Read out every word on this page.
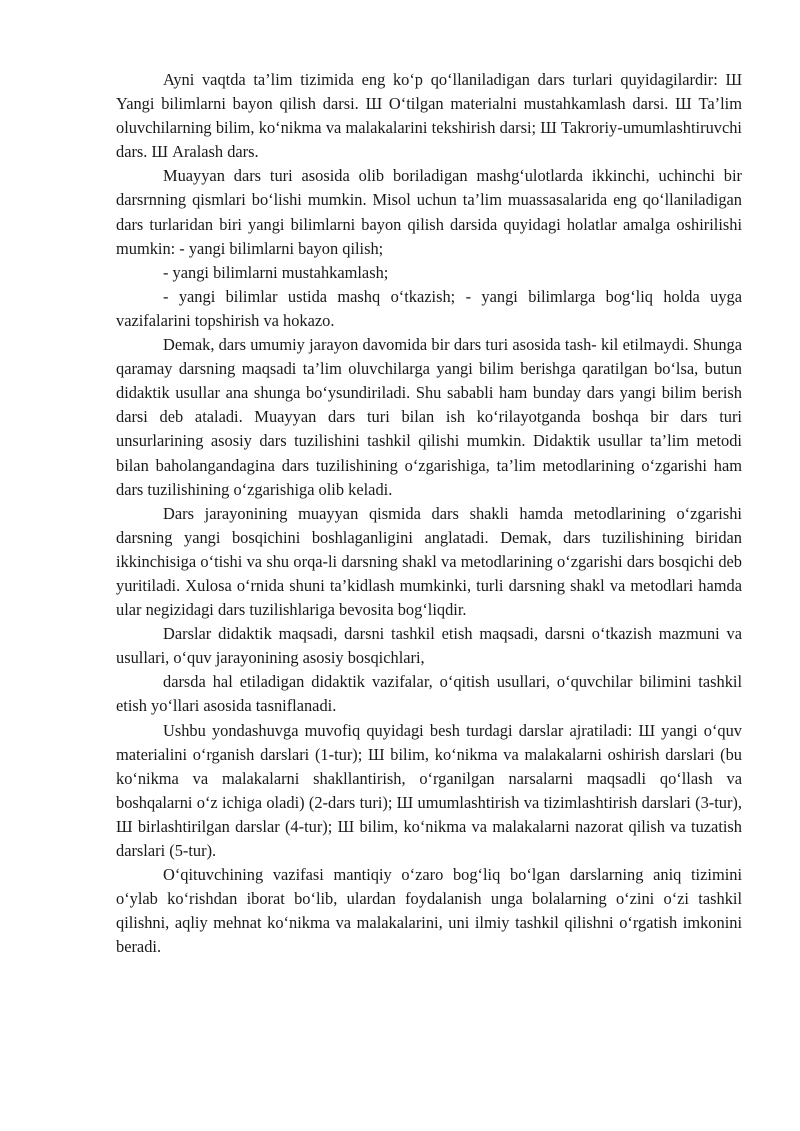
Ayni vaqtda ta’lim tizimida eng ko‘p qo‘llaniladigan dars turlari quyidagilardir: Ш Yangi bilimlarni bayon qilish darsi. Ш O‘tilgan materialni mustahkamlash darsi. Ш Ta’lim oluvchilarning bilim, ko‘nikma va malakalarini tekshirish darsi; Ш Takroriy-umumlashtiruvchi dars. Ш Aralash dars.

Muayyan dars turi asosida olib boriladigan mashg‘ulotlarda ikkinchi, uchinchi bir darsrnning qismlari bo‘lishi mumkin. Misol uchun ta’lim muassasalarida eng qo‘llaniladigan dars turlaridan biri yangi bilimlarni bayon qilish darsida quyidagi holatlar amalga oshirilishi mumkin: - yangi bilimlarni bayon qilish;

- yangi bilimlarni mustahkamlash;

- yangi bilimlar ustida mashq o‘tkazish; - yangi bilimlarga bog‘liq holda uyga vazifalarini topshirish va hokazo.

Demak, dars umumiy jarayon davomida bir dars turi asosida tash- kil etilmaydi. Shunga qaramay darsning maqsadi ta’lim oluvchilarga yangi bilim berishga qaratilgan bo‘lsa, butun didaktik usullar ana shunga bo‘ysundiriladi. Shu sababli ham bunday dars yangi bilim berish darsi deb ataladi. Muayyan dars turi bilan ish ko‘rilayotganda boshqa bir dars turi unsurlarining asosiy dars tuzilishini tashkil qilishi mumkin. Didaktik usullar ta’lim metodi bilan baholangandagina dars tuzilishining o‘zgarishiga, ta’lim metodlarining o‘zgarishi ham dars tuzilishining o‘zgarishiga olib keladi.

Dars jarayonining muayyan qismida dars shakli hamda metodlarining o‘zgarishi darsning yangi bosqichini boshlaganligini anglatadi. Demak, dars tuzilishining biridan ikkinchisiga o‘tishi va shu orqa-li darsning shakl va metodlarining o‘zgarishi dars bosqichi deb yuritiladi. Xulosa o‘rnida shuni ta’kidlash mumkinki, turli darsning shakl va metodlari hamda ular negizidagi dars tuzilishlariga bevosita bog‘liqdir.

Darslar didaktik maqsadi, darsni tashkil etish maqsadi, darsni o‘tkazish mazmuni va usullari, o‘quv jarayonining asosiy bosqichlari,

darsda hal etiladigan didaktik vazifalar, o‘qitish usullari, o‘quvchilar bilimini tashkil etish yo‘llari asosida tasniflanadi.

Ushbu yondashuvga muvofiq quyidagi besh turdagi darslar ajratiladi: Ш yangi o‘quv materialini o‘rganish darslari (1-tur); Ш bilim, ko‘nikma va malakalarni oshirish darslari (bu ko‘nikma va malakalarni shakllantirish, o‘rganilgan narsalarni maqsadli qo‘llash va boshqalarni o‘z ichiga oladi) (2-dars turi); Ш umumlashtirish va tizimlashtirish darslari (3-tur), Ш birlashtirilgan darslar (4-tur); Ш bilim, ko‘nikma va malakalarni nazorat qilish va tuzatish darslari (5-tur).

O‘qituvchining vazifasi mantiqiy o‘zaro bog‘liq bo‘lgan darslarning aniq tizimini o‘ylab ko‘rishdan iborat bo‘lib, ulardan foydalanish unga bolalarning o‘zini o‘zi tashkil qilishni, aqliy mehnat ko‘nikma va malakalarini, uni ilmiy tashkil qilishni o‘rgatish imkonini beradi.
